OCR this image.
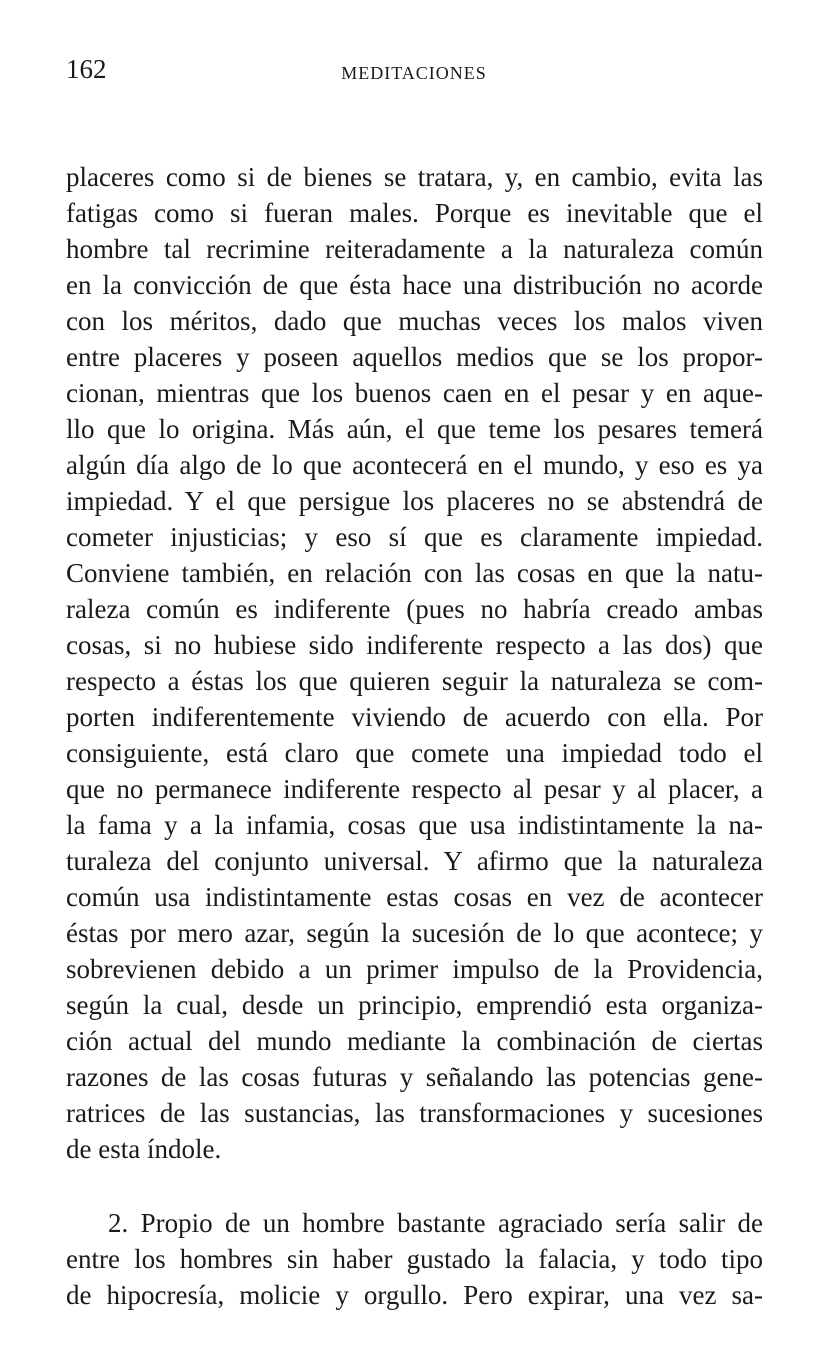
162	MEDITACIONES
placeres como si de bienes se tratara, y, en cambio, evita las
fatigas como si fueran males. Porque es inevitable que el
hombre tal recrimine reiteradamente a la naturaleza común
en la convicción de que ésta hace una distribución no acorde
con los méritos, dado que muchas veces los malos viven
entre placeres y poseen aquellos medios que se los propor-
cionan, mientras que los buenos caen en el pesar y en aque-
llo que lo origina. Más aún, el que teme los pesares temerá
algún día algo de lo que acontecerá en el mundo, y eso es ya
impiedad. Y el que persigue los placeres no se abstendrá de
cometer injusticias; y eso sí que es claramente impiedad.
Conviene también, en relación con las cosas en que la natu-
raleza común es indiferente (pues no habría creado ambas
cosas, si no hubiese sido indiferente respecto a las dos) que
respecto a éstas los que quieren seguir la naturaleza se com-
porten indiferentemente viviendo de acuerdo con ella. Por
consiguiente, está claro que comete una impiedad todo el
que no permanece indiferente respecto al pesar y al placer, a
la fama y a la infamia, cosas que usa indistintamente la na-
turaleza del conjunto universal. Y afirmo que la naturaleza
común usa indistintamente estas cosas en vez de acontecer
éstas por mero azar, según la sucesión de lo que acontece; y
sobrevienen debido a un primer impulso de la Providencia,
según la cual, desde un principio, emprendió esta organiza-
ción actual del mundo mediante la combinación de ciertas
razones de las cosas futuras y señalando las potencias gene-
ratrices de las sustancias, las transformaciones y sucesiones
de esta índole.
2. Propio de un hombre bastante agraciado sería salir de
entre los hombres sin haber gustado la falacia, y todo tipo
de hipocresía, molicie y orgullo. Pero expirar, una vez sa-
